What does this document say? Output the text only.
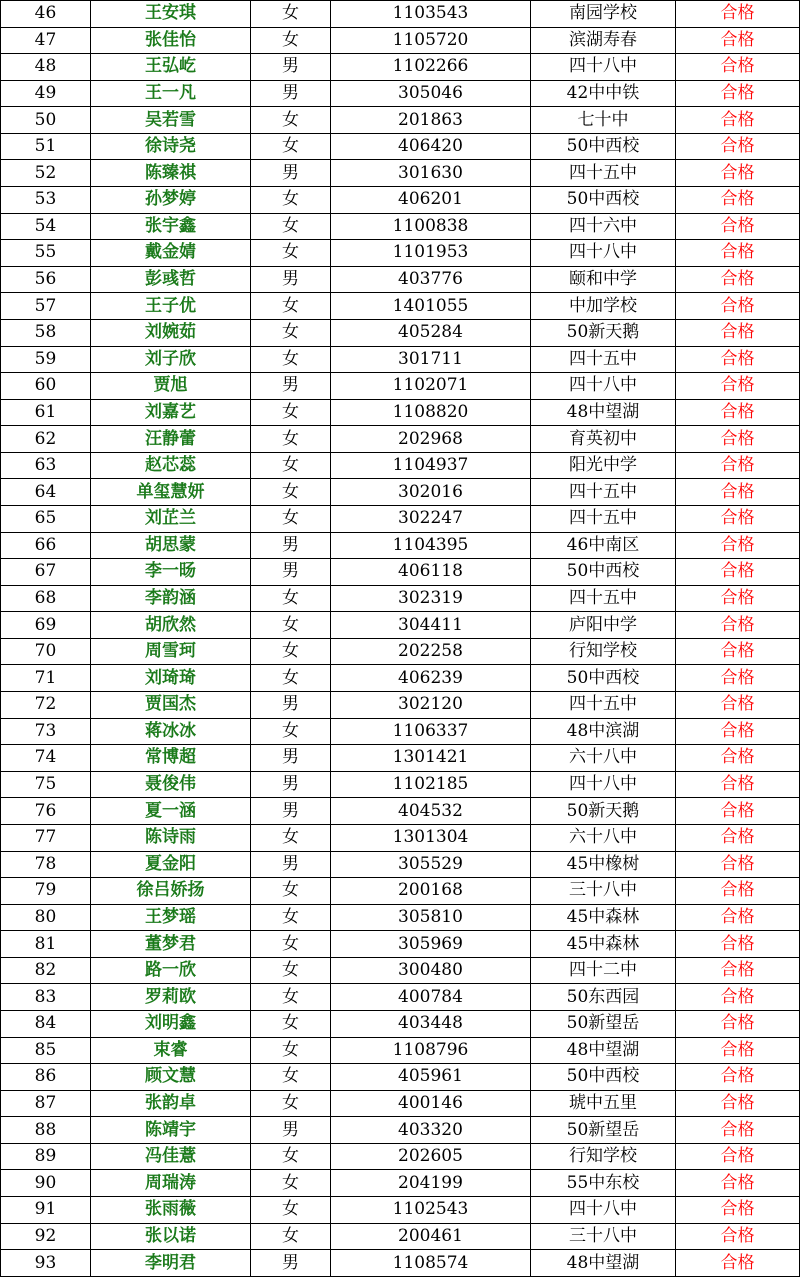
46	王安琪	女	1103543	南园学校	合格
47	张佳怡	女	1105720	滨湖寿春	合格
48	王弘屹	男	1102266	四十八中	合格
49	王一凡	男	305046	42中中铁	合格
50	吴若雪	女	201863	七十中	合格
51	徐诗尧	女	406420	50中西校	合格
52	陈臻祺	男	301630	四十五中	合格
53	孙梦婷	女	406201	50中西校	合格
54	张宇鑫	女	1100838	四十六中	合格
55	戴金婧	女	1101953	四十八中	合格
56	彭彧哲	男	403776	颐和中学	合格
57	王子优	女	1401055	中加学校	合格
58	刘婉茹	女	405284	50新天鹅	合格
59	刘子欣	女	301711	四十五中	合格
60	贾旭	男	1102071	四十八中	合格
61	刘嘉艺	女	1108820	48中望湖	合格
62	汪静蕾	女	202968	育英初中	合格
63	赵芯蕊	女	1104937	阳光中学	合格
64	单玺慧妍	女	302016	四十五中	合格
65	刘芷兰	女	302247	四十五中	合格
66	胡思蒙	男	1104395	46中南区	合格
67	李一旸	男	406118	50中西校	合格
68	李韵涵	女	302319	四十五中	合格
69	胡欣然	女	304411	庐阳中学	合格
70	周雪珂	女	202258	行知学校	合格
71	刘琦琦	女	406239	50中西校	合格
72	贾国杰	男	302120	四十五中	合格
73	蒋冰冰	女	1106337	48中滨湖	合格
74	常博超	男	1301421	六十八中	合格
75	聂俊伟	男	1102185	四十八中	合格
76	夏一涵	男	404532	50新天鹅	合格
77	陈诗雨	女	1301304	六十八中	合格
78	夏金阳	男	305529	45中橡树	合格
79	徐吕娇扬	女	200168	三十八中	合格
80	王梦瑶	女	305810	45中森林	合格
81	董梦君	女	305969	45中森林	合格
82	路一欣	女	300480	四十二中	合格
83	罗莉欧	女	400784	50东西园	合格
84	刘明鑫	女	403448	50新望岳	合格
85	束睿	女	1108796	48中望湖	合格
86	顾文慧	女	405961	50中西校	合格
87	张韵卓	女	400146	琥中五里	合格
88	陈靖宇	男	403320	50新望岳	合格
89	冯佳薏	女	202605	行知学校	合格
90	周瑞涛	女	204199	55中东校	合格
91	张雨薇	女	1102543	四十八中	合格
92	张以诺	女	200461	三十八中	合格
93	李明君	男	1108574	48中望湖	合格
